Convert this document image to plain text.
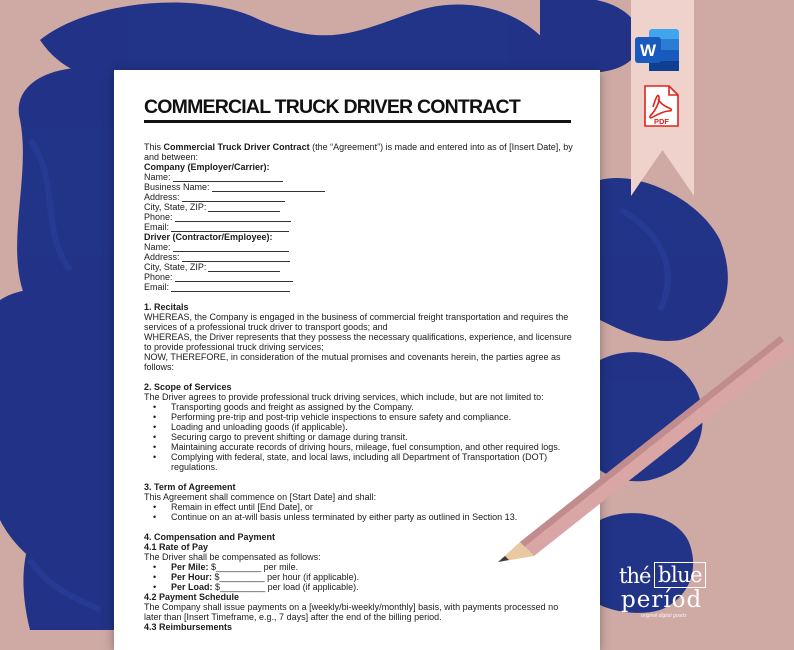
W
PDF
COMMERCIAL TRUCK DRIVER CONTRACT

This Commercial Truck Driver Contract (the “Agreement”) is made and entered into as of [Insert Date], by and between:

Company (Employer/Carrier):

Name:
Business Name:
Address:
City, State, ZIP:
Phone:
Email:

Driver (Contractor/Employee):

Name:
Address:
City, State, ZIP:
Phone:
Email:

1. Recitals

WHEREAS, the Company is engaged in the business of commercial freight transportation and requires the services of a professional truck driver to transport goods; and

WHEREAS, the Driver represents that they possess the necessary qualifications, experience, and licensure to provide professional truck driving services;

NOW, THEREFORE, in consideration of the mutual promises and covenants herein, the parties agree as follows:

2. Scope of Services

The Driver agrees to provide professional truck driving services, which include, but are not limited to:

• Transporting goods and freight as assigned by the Company.
• Performing pre-trip and post-trip vehicle inspections to ensure safety and compliance.
• Loading and unloading goods (if applicable).
• Securing cargo to prevent shifting or damage during transit.
• Maintaining accurate records of driving hours, mileage, fuel consumption, and other required logs.
• Complying with federal, state, and local laws, including all Department of Transportation (DOT) regulations.

3. Term of Agreement

This Agreement shall commence on [Start Date] and shall:

• Remain in effect until [End Date], or
• Continue on an at-will basis unless terminated by either party as outlined in Section 13.

4. Compensation and Payment

4.1 Rate of Pay

The Driver shall be compensated as follows:

• Per Mile: $_________ per mile.
• Per Hour: $_________ per hour (if applicable).
• Per Load: $_________ per load (if applicable).

4.2 Payment Schedule

The Company shall issue payments on a [weekly/bi-weekly/monthly] basis, with payments processed no later than [Insert Timeframe, e.g., 7 days] after the end of the billing period.

4.3 Reimbursements

thé blue
períod
original digital goods
